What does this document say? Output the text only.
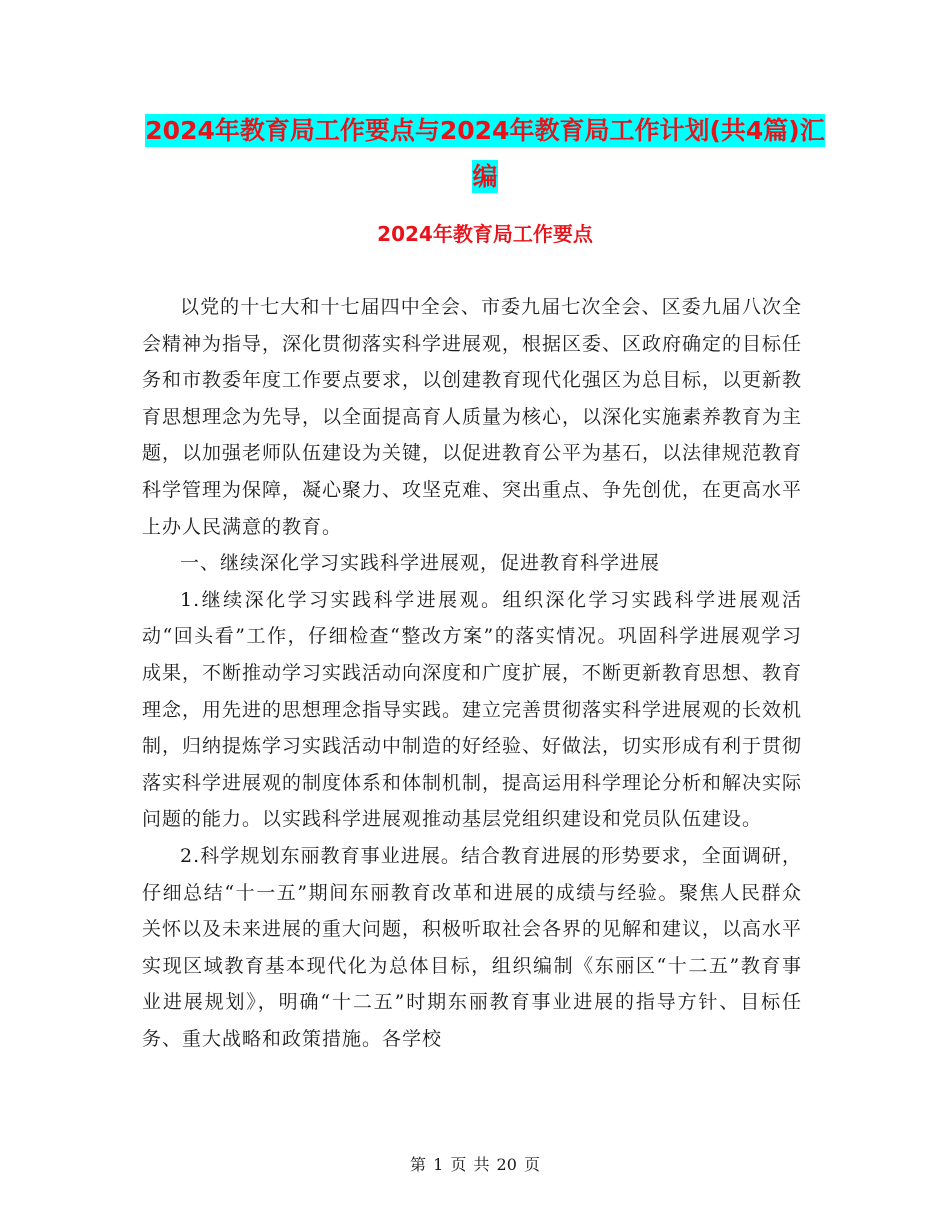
2024年教育局工作要点与2024年教育局工作计划(共4篇)汇编
2024年教育局工作要点

以党的十七大和十七届四中全会、市委九届七次全会、区委九届八次全会精神为指导，深化贯彻落实科学进展观，根据区委、区政府确定的目标任务和市教委年度工作要点要求，以创建教育现代化强区为总目标，以更新教育思想理念为先导，以全面提高育人质量为核心，以深化实施素养教育为主题，以加强老师队伍建设为关键，以促进教育公平为基石，以法律规范教育科学管理为保障，凝心聚力、攻坚克难、突出重点、争先创优，在更高水平上办人民满意的教育。

一、继续深化学习实践科学进展观，促进教育科学进展

1.继续深化学习实践科学进展观。组织深化学习实践科学进展观活动“回头看”工作，仔细检查“整改方案”的落实情况。巩固科学进展观学习成果，不断推动学习实践活动向深度和广度扩展，不断更新教育思想、教育理念，用先进的思想理念指导实践。建立完善贯彻落实科学进展观的长效机制，归纳提炼学习实践活动中制造的好经验、好做法，切实形成有利于贯彻落实科学进展观的制度体系和体制机制，提高运用科学理论分析和解决实际问题的能力。以实践科学进展观推动基层党组织建设和党员队伍建设。

2.科学规划东丽教育事业进展。结合教育进展的形势要求，全面调研，仔细总结“十一五”期间东丽教育改革和进展的成绩与经验。聚焦人民群众关怀以及未来进展的重大问题，积极听取社会各界的见解和建议，以高水平实现区域教育基本现代化为总体目标，组织编制《东丽区“十二五”教育事业进展规划》，明确“十二五”时期东丽教育事业进展的指导方针、目标任务、重大战略和政策措施。各学校

第 1 页 共 20 页
